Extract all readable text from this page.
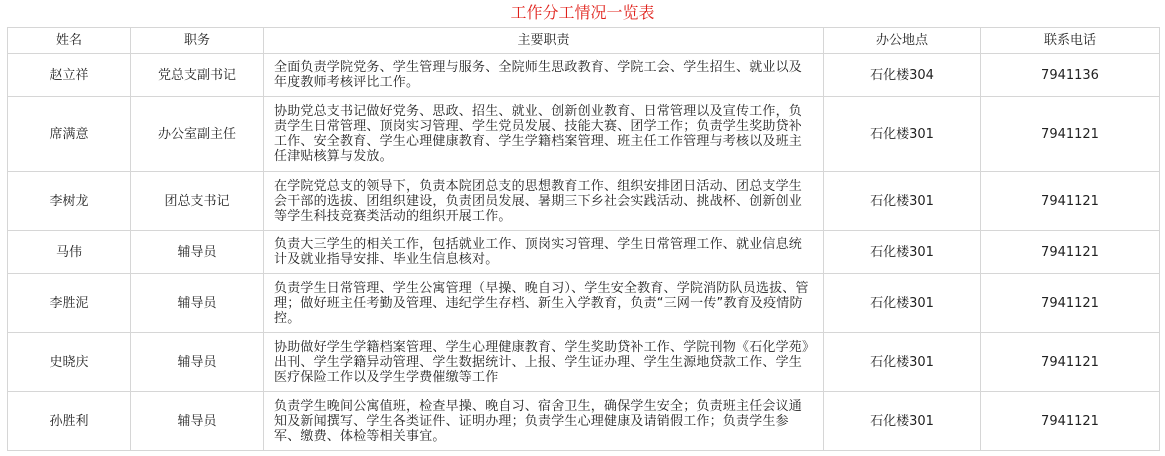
工作分工情况一览表
姓名	职务	主要职责	办公地点	联系电话
赵立祥	党总支副书记	全面负责学院党务、学生管理与服务、全院师生思政教育、学院工会、学生招生、就业以及年度教师考核评比工作。	石化楼304	7941136
席满意	办公室副主任	协助党总支书记做好党务、思政、招生、就业、创新创业教育、日常管理以及宣传工作，负责学生日常管理、顶岗实习管理、学生党员发展、技能大赛、团学工作；负责学生奖助贷补工作、安全教育、学生心理健康教育、学生学籍档案管理、班主任工作管理与考核以及班主任津贴核算与发放。	石化楼301	7941121
李树龙	团总支书记	在学院党总支的领导下，负责本院团总支的思想教育工作、组织安排团日活动、团总支学生会干部的选拔、团组织建设，负责团员发展、暑期三下乡社会实践活动、挑战杯、创新创业等学生科技竞赛类活动的组织开展工作。	石化楼301	7941121
马伟	辅导员	负责大三学生的相关工作，包括就业工作、顶岗实习管理、学生日常管理工作、就业信息统计及就业指导安排、毕业生信息核对。	石化楼301	7941121
李胜泥	辅导员	负责学生日常管理、学生公寓管理（早操、晚自习）、学生安全教育、学院消防队员选拔、管理；做好班主任考勤及管理、违纪学生存档、新生入学教育，负责“三网一传”教育及疫情防控。	石化楼301	7941121
史晓庆	辅导员	协助做好学生学籍档案管理、学生心理健康教育、学生奖助贷补工作、学院刊物《石化学苑》出刊、学生学籍异动管理、学生数据统计、上报、学生证办理、学生生源地贷款工作、学生医疗保险工作以及学生学费催缴等工作	石化楼301	7941121
孙胜利	辅导员	负责学生晚间公寓值班，检查早操、晚自习、宿舍卫生，确保学生安全；负责班主任会议通知及新闻撰写、学生各类证件、证明办理；负责学生心理健康及请销假工作；负责学生参军、缴费、体检等相关事宜。	石化楼301	7941121
